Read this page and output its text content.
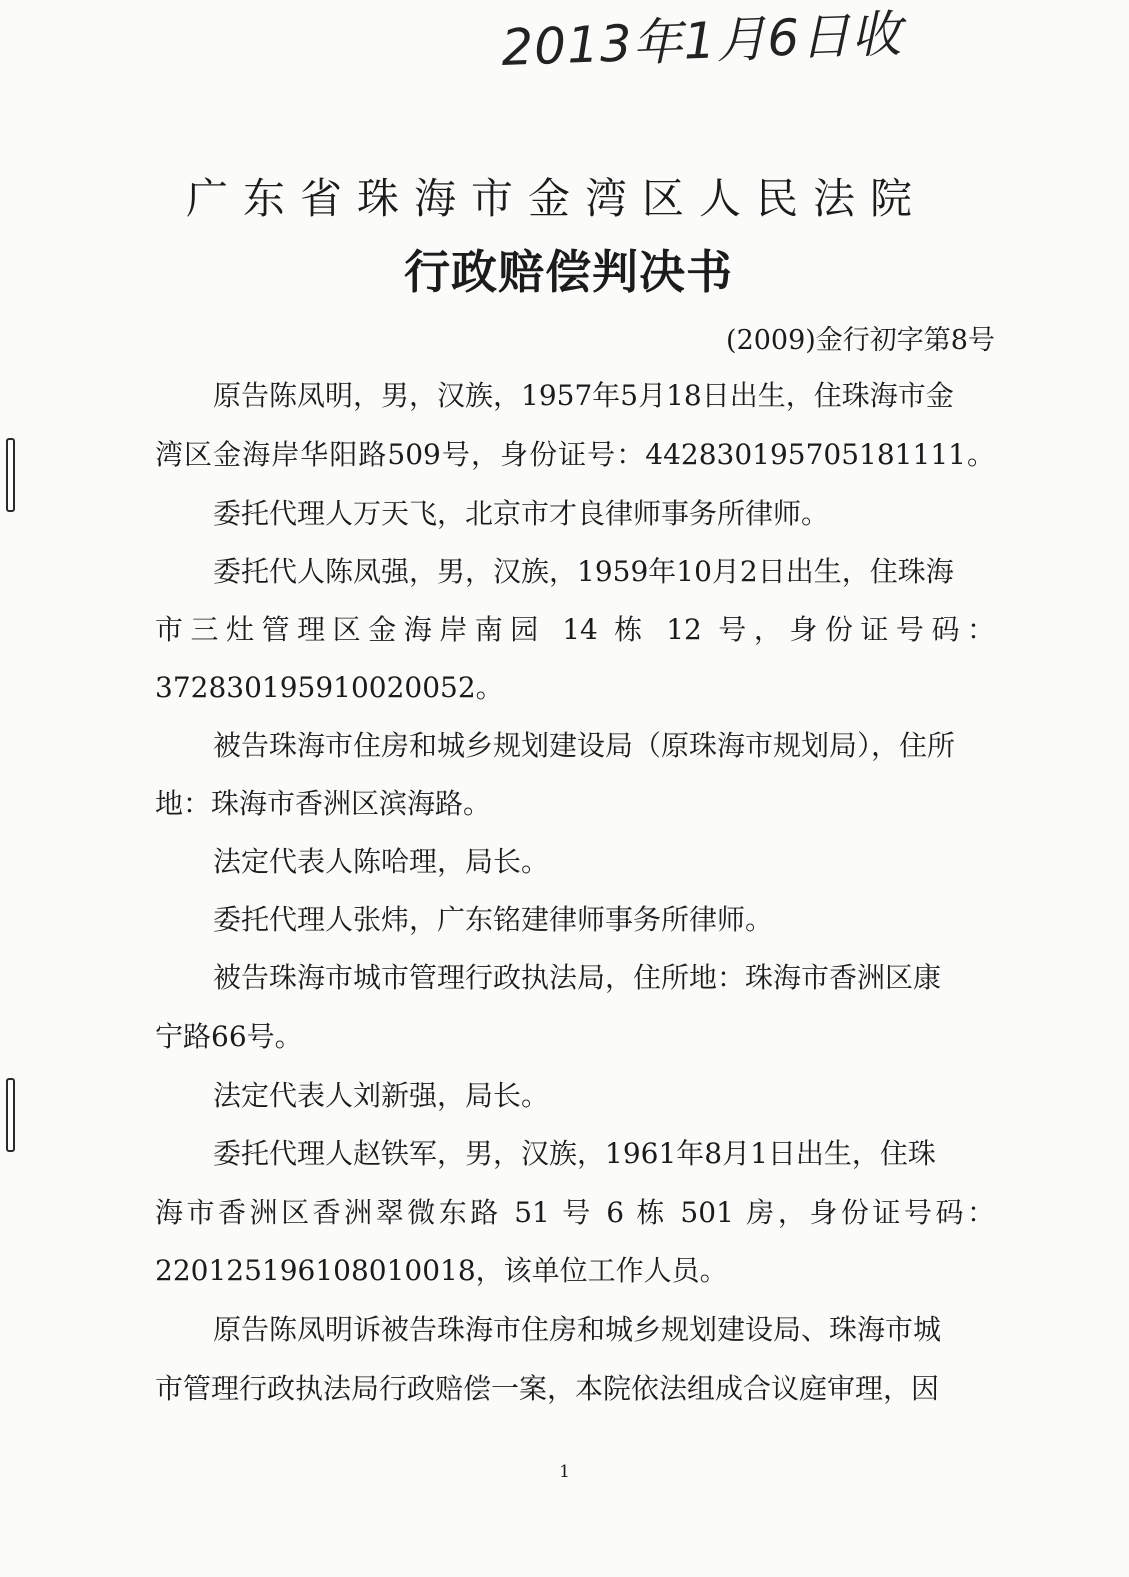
2013年1月6日收
广东省珠海市金湾区人民法院
行政赔偿判决书
(2009)金行初字第8号
原告陈凤明，男，汉族，1957年5月18日出生，住珠海市金
湾区金海岸华阳路509号，身份证号：442830195705181111。
委托代理人万天飞，北京市才良律师事务所律师。
委托代人陈凤强，男，汉族，1959年10月2日出生，住珠海
市三灶管理区金海岸南园 14 栋 12 号，身份证号码：
372830195910020052。
被告珠海市住房和城乡规划建设局（原珠海市规划局），住所
地：珠海市香洲区滨海路。
法定代表人陈哈理，局长。
委托代理人张炜，广东铭建律师事务所律师。
被告珠海市城市管理行政执法局，住所地：珠海市香洲区康
宁路66号。
法定代表人刘新强，局长。
委托代理人赵铁军，男，汉族，1961年8月1日出生，住珠
海市香洲区香洲翠微东路 51 号 6 栋 501 房，身份证号码：
220125196108010018，该单位工作人员。
原告陈凤明诉被告珠海市住房和城乡规划建设局、珠海市城
市管理行政执法局行政赔偿一案，本院依法组成合议庭审理，因
1
